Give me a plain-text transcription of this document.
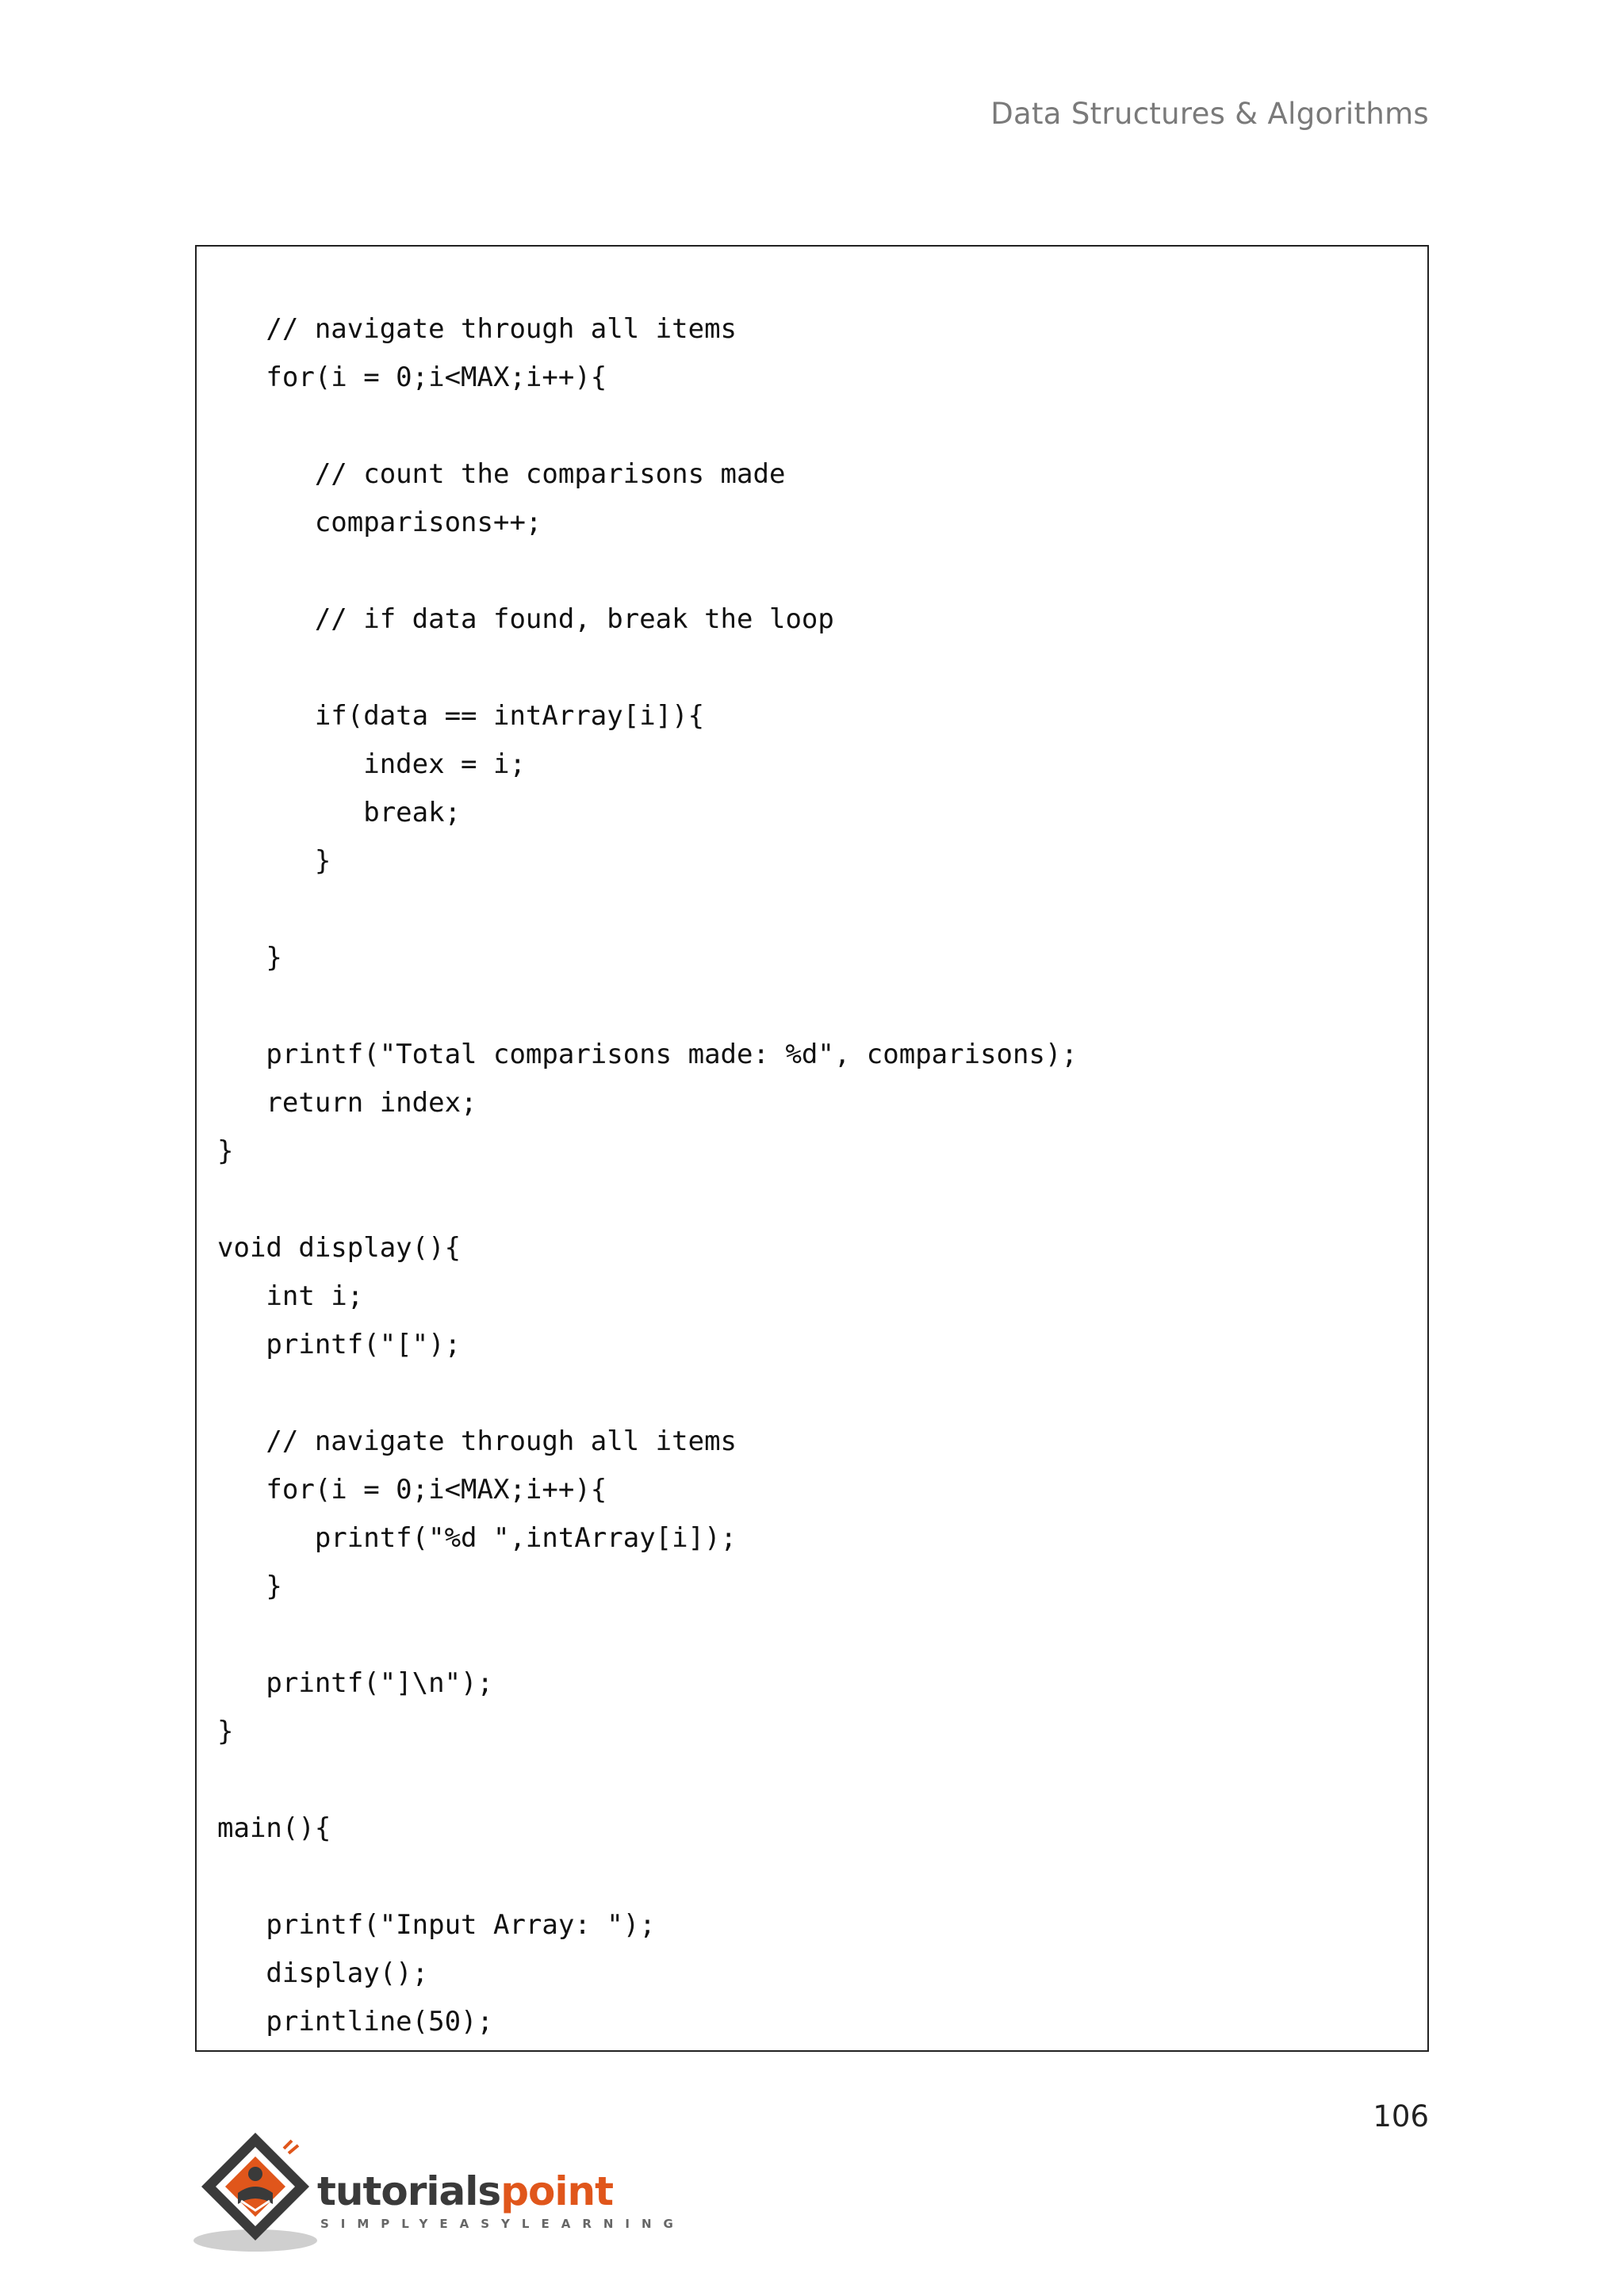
Data Structures & Algorithms
// navigate through all items
for(i = 0;i<MAX;i++){
// count the comparisons made
comparisons++;
// if data found, break the loop
if(data == intArray[i]){
index = i;
break;
}
}
printf("Total comparisons made: %d", comparisons);
return index;
}
void display(){
int i;
printf("[");
// navigate through all items
for(i = 0;i<MAX;i++){
printf("%d ",intArray[i]);
}
printf("]\n");
}
main(){
printf("Input Array: ");
display();
printline(50);
106
tutorialspoint
SIMPLYEASYLEARNING
